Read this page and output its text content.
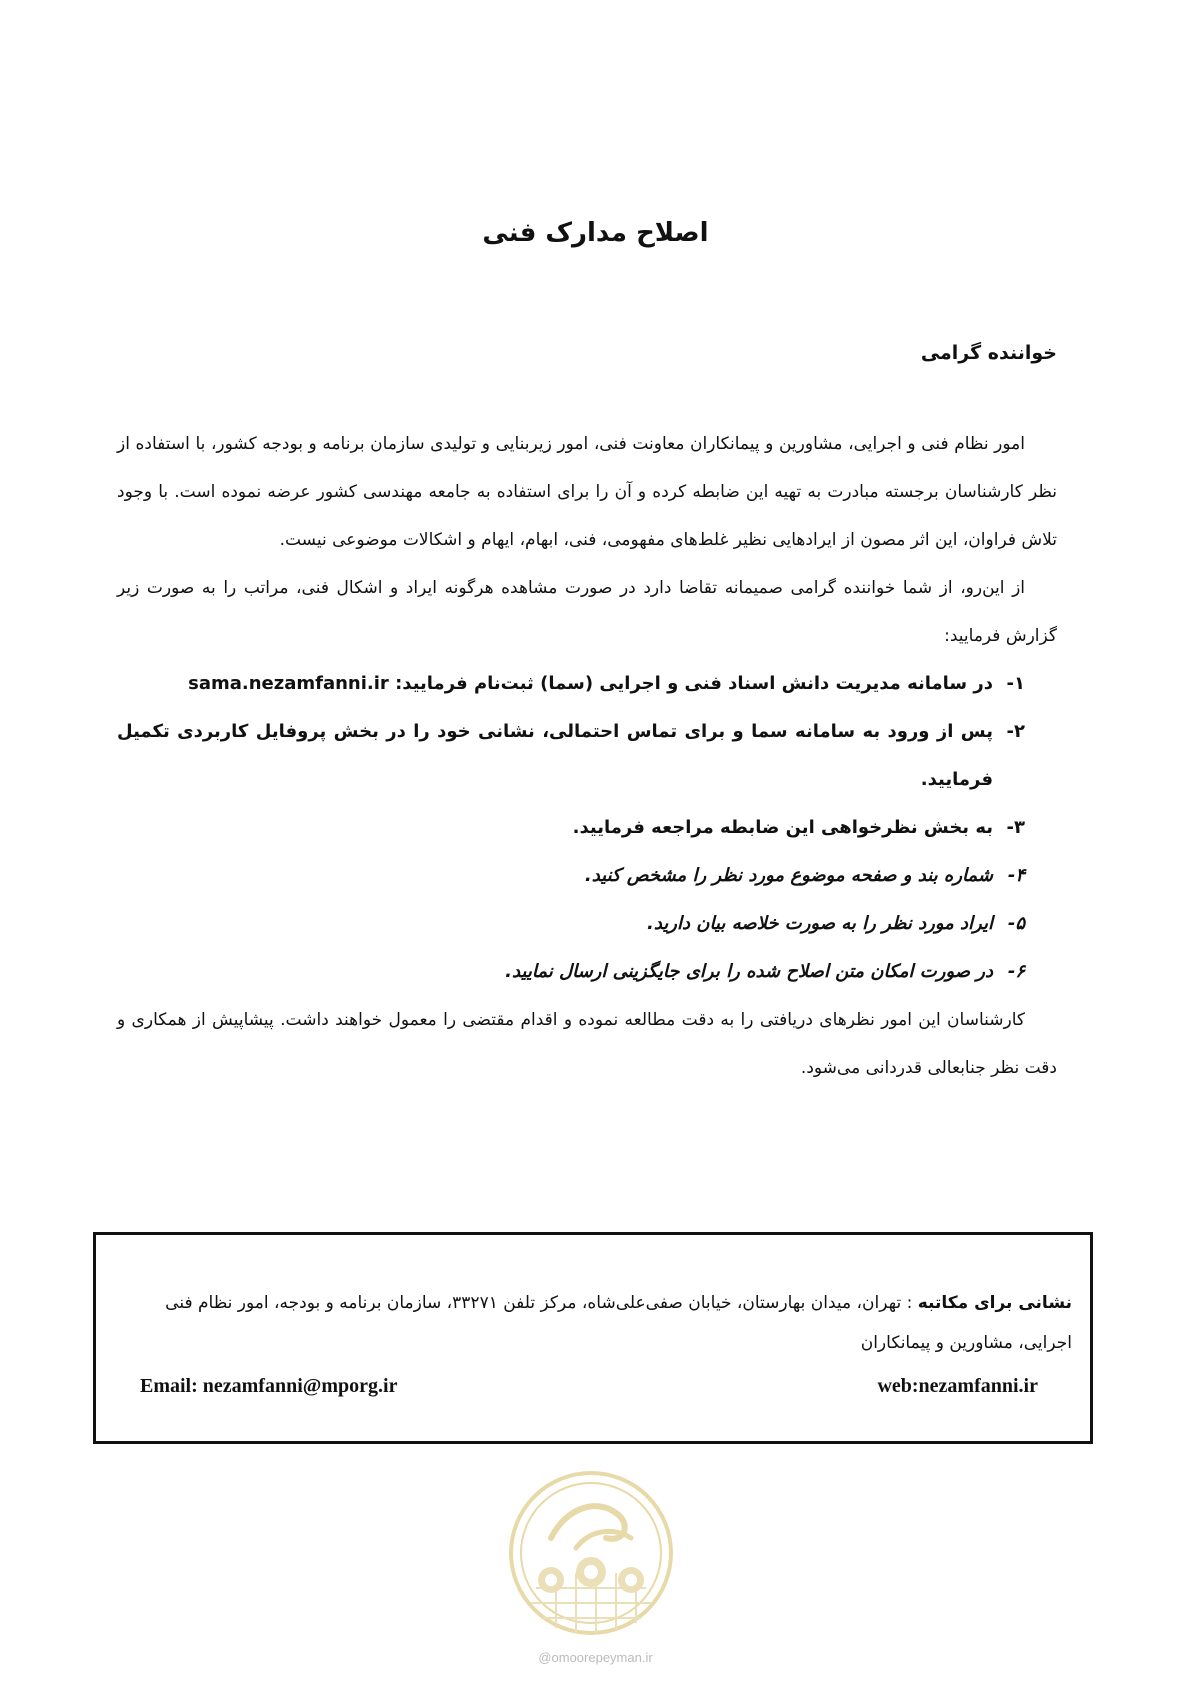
اصلاح مدارک فنی
خواننده گرامی

امور نظام فنی و اجرایی، مشاورین و پیمانکاران معاونت فنی، امور زیربنایی و تولیدی سازمان برنامه و بودجه کشور، با استفاده از نظر کارشناسان برجسته مبادرت به تهیه این ضابطه کرده و آن را برای استفاده به جامعه مهندسی کشور عرضه نموده است. با وجود تلاش فراوان، این اثر مصون از ایرادهایی نظیر غلط‌های مفهومی، فنی، ابهام، ایهام و اشکالات موضوعی نیست.

از این‌رو، از شما خواننده گرامی صمیمانه تقاضا دارد در صورت مشاهده هرگونه ایراد و اشکال فنی، مراتب را به صورت زیر گزارش فرمایید:

۱-در سامانه مدیریت دانش اسناد فنی و اجرایی (سما) ثبت‌نام فرمایید: sama.nezamfanni.ir
۲-پس از ورود به سامانه سما و برای تماس احتمالی، نشانی خود را در بخش پروفایل کاربردی تکمیل فرمایید.
۳-به بخش نظرخواهی این ضابطه مراجعه فرمایید.
۴-شماره بند و صفحه موضوع مورد نظر را مشخص کنید.
۵-ایراد مورد نظر را به صورت خلاصه بیان دارید.
۶-در صورت امکان متن اصلاح شده را برای جایگزینی ارسال نمایید.

کارشناسان این امور نظرهای دریافتی را به دقت مطالعه نموده و اقدام مقتضی را معمول خواهند داشت. پیشاپیش از همکاری و دقت نظر جنابعالی قدردانی می‌شود.

نشانی برای مکاتبه : تهران، میدان بهارستان، خیابان صفی‌علی‌شاه، مرکز تلفن ۳۳۲۷۱، سازمان برنامه و بودجه، امور نظام فنی اجرایی، مشاورین و پیمانکاران
Email: nezamfanni@mporg.ir	web:nezamfanni.ir
@omoorepeyman.ir
